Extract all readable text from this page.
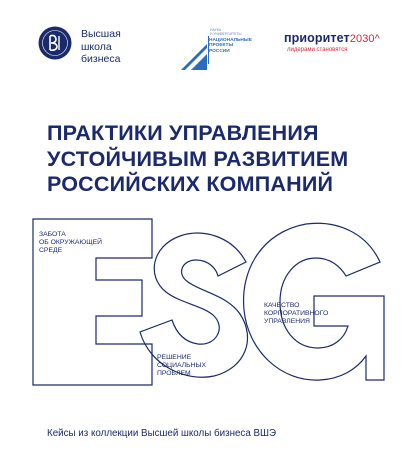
Высшая
школа
бизнеса
НАУКА
И УНИВЕРСИТЕТЫ
НАЦИОНАЛЬНЫЕ
ПРОЕКТЫ
РОССИИ
приоритет2030^
лидерами становятся
ПРАКТИКИ УПРАВЛЕНИЯ
УСТОЙЧИВЫМ РАЗВИТИЕМ
РОССИЙСКИХ КОМПАНИЙ
ЗАБОТА
ОБ ОКРУЖАЮЩЕЙ
СРЕДЕ
РЕШЕНИЕ
СОЦИАЛЬНЫХ
ПРОБЛЕМ
КАЧЕСТВО
КОРПОРАТИВНОГО
УПРАВЛЕНИЯ
Кейсы из коллекции Высшей школы бизнеса ВШЭ
